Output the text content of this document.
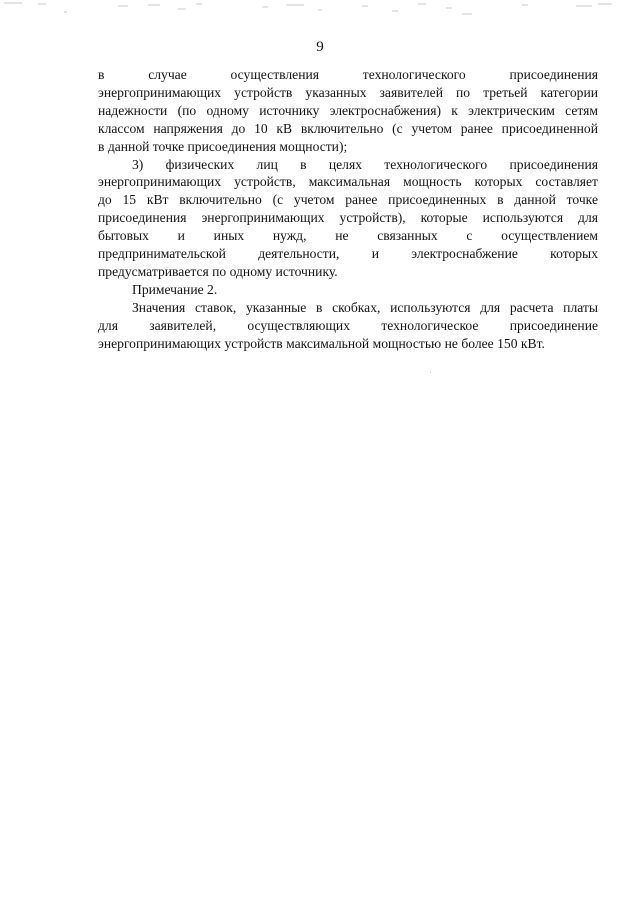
9

в случае осуществления технологического присоединения
энергопринимающих устройств указанных заявителей по третьей категории
надежности (по одному источнику электроснабжения) к электрическим сетям
классом напряжения до 10 кВ включительно (с учетом ранее присоединенной
в данной точке присоединения мощности);

3) физических лиц в целях технологического присоединения
энергопринимающих устройств, максимальная мощность которых составляет
до 15 кВт включительно (с учетом ранее присоединенных в данной точке
присоединения энергопринимающих устройств), которые используются для
бытовых и иных нужд, не связанных с осуществлением
предпринимательской деятельности, и электроснабжение которых
предусматривается по одному источнику.

Примечание 2.

Значения ставок, указанные в скобках, используются для расчета платы
для заявителей, осуществляющих технологическое присоединение
энергопринимающих устройств максимальной мощностью не более 150 кВт.
